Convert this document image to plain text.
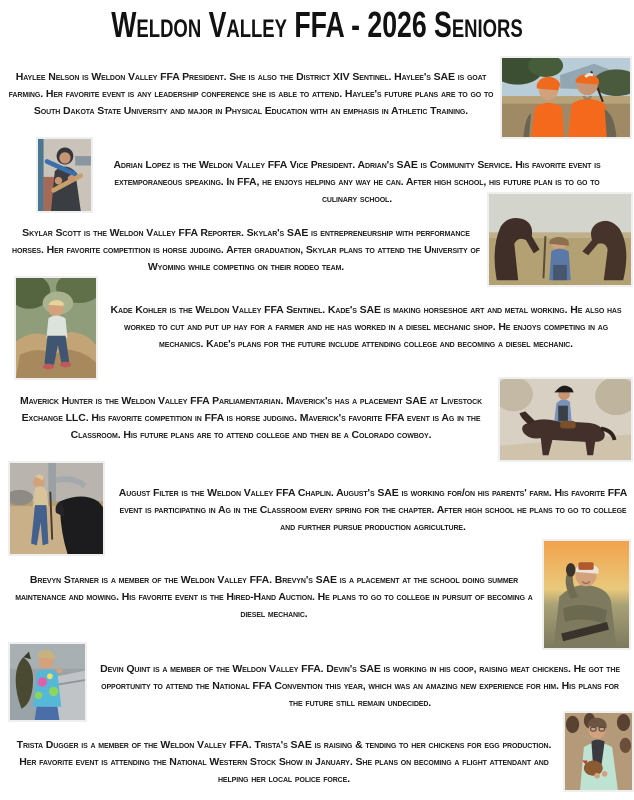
Weldon Valley FFA - 2026 Seniors

Haylee Nelson is Weldon Valley FFA President. She is also the District XIV Sentinel. Haylee's SAE is goat farming. Her favorite event is any leadership conference she is able to attend. Haylee's future plans are to go to South Dakota State University and major in Physical Education with an emphasis in Athletic Training.

Adrian Lopez is the Weldon Valley FFA Vice President. Adrian's SAE is Community Service. His favorite event is extemporaneous speaking. In FFA, he enjoys helping any way he can. After high school, his future plan is to go to culinary school.

Skylar Scott is the Weldon Valley FFA Reporter. Skylar's SAE is entrepreneurship with performance horses. Her favorite competition is horse judging. After graduation, Skylar plans to attend the University of Wyoming while competing on their rodeo team.

Kade Kohler is the Weldon Valley FFA Sentinel. Kade's SAE is making horseshoe art and metal working. He also has worked to cut and put up hay for a farmer and he has worked in a diesel mechanic shop. He enjoys competing in ag mechanics. Kade's plans for the future include attending college and becoming a diesel mechanic.

Maverick Hunter is the Weldon Valley FFA Parliamentarian. Maverick's has a placement SAE at Livestock Exchange LLC. His favorite competition in FFA is horse judging. Maverick's favorite FFA event is Ag in the Classroom. His future plans are to attend college and then be a Colorado cowboy.

August Filter is the Weldon Valley FFA Chaplin. August's SAE is working for/on his parents' farm. His favorite FFA event is participating in Ag in the Classroom every spring for the chapter. After high school he plans to go to college and further pursue production agriculture.

Brevyn Starner is a member of the Weldon Valley FFA. Brevyn's SAE is a placement at the school doing summer maintenance and mowing. His favorite event is the Hired-Hand Auction. He plans to go to college in pursuit of becoming a diesel mechanic.

Devin Quint is a member of the Weldon Valley FFA. Devin's SAE is working in his coop, raising meat chickens. He got the opportunity to attend the National FFA Convention this year, which was an amazing new experience for him. His plans for the future still remain undecided.

Trista Dugger is a member of the Weldon Valley FFA. Trista's SAE is raising & tending to her chickens for egg production. Her favorite event is attending the National Western Stock Show in January. She plans on becoming a flight attendant and helping her local police force.
